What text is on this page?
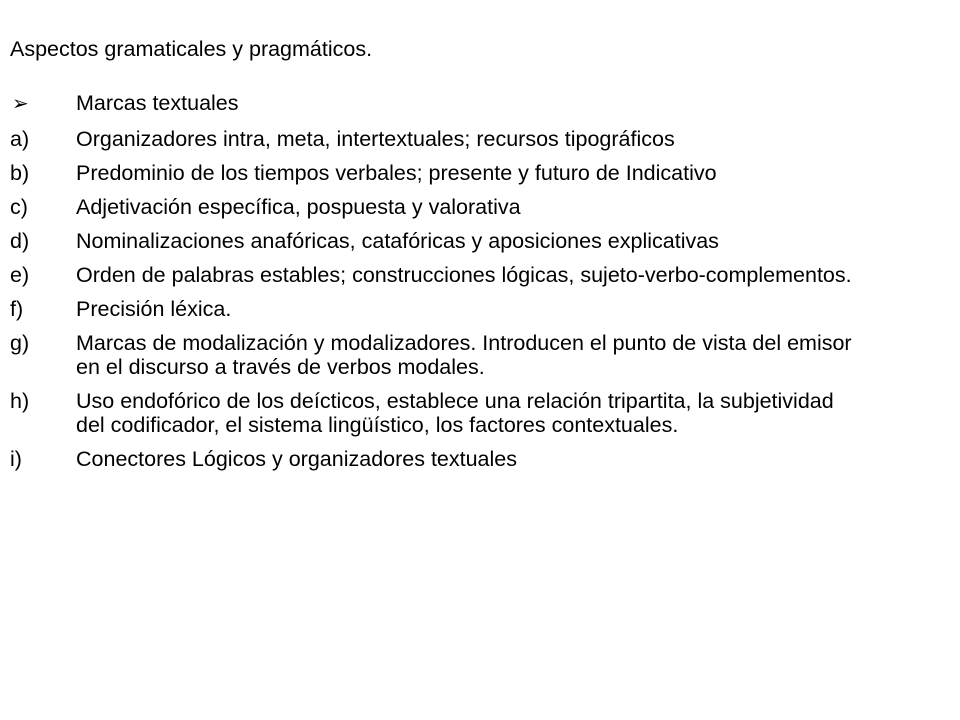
Aspectos gramaticales y pragmáticos.
➢	Marcas textuales
a)	Organizadores intra, meta, intertextuales; recursos tipográficos
b)	Predominio de los tiempos verbales; presente y futuro de Indicativo
c)	Adjetivación específica, pospuesta y valorativa
d)	Nominalizaciones anafóricas, catafóricas y aposiciones explicativas
e)	Orden de palabras estables; construcciones lógicas, sujeto-verbo-complementos.
f)	Precisión léxica.
g)	Marcas de modalización y modalizadores. Introducen el punto de vista del emisor en el discurso a través de verbos modales.
h)	Uso endofórico de los deícticos, establece una relación tripartita, la subjetividad del codificador, el sistema lingüístico, los factores contextuales.
i)	Conectores Lógicos y organizadores textuales
